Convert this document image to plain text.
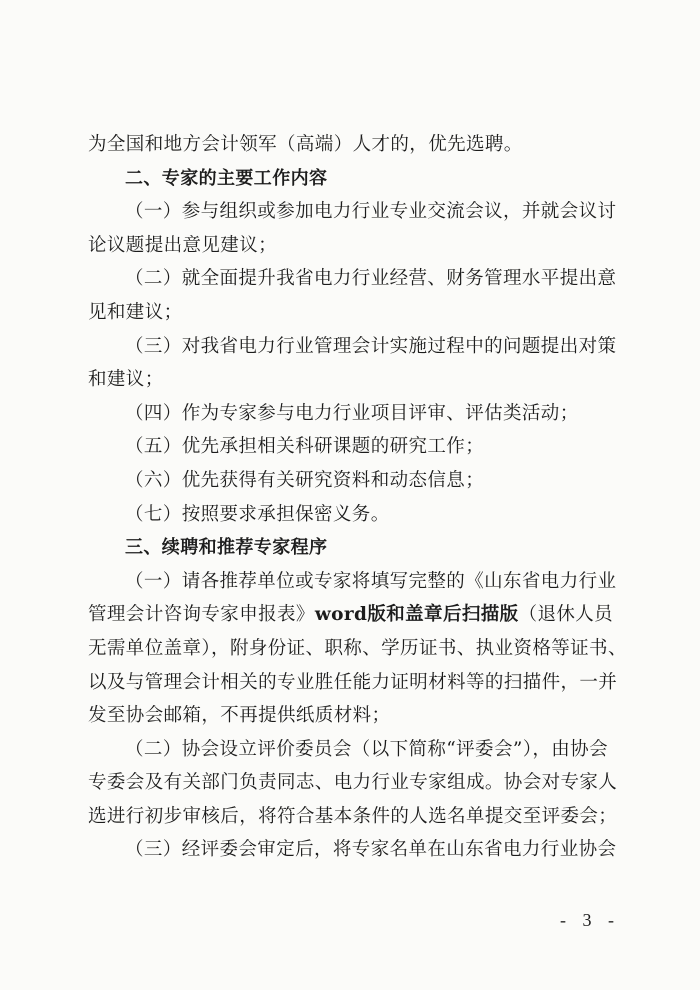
为全国和地方会计领军（高端）人才的，优先选聘。
二、专家的主要工作内容
（一）参与组织或参加电力行业专业交流会议，并就会议讨
论议题提出意见建议；
（二）就全面提升我省电力行业经营、财务管理水平提出意
见和建议；
（三）对我省电力行业管理会计实施过程中的问题提出对策
和建议；
（四）作为专家参与电力行业项目评审、评估类活动；
（五）优先承担相关科研课题的研究工作；
（六）优先获得有关研究资料和动态信息；
（七）按照要求承担保密义务。
三、续聘和推荐专家程序
（一）请各推荐单位或专家将填写完整的《山东省电力行业
管理会计咨询专家申报表》word版和盖章后扫描版（退休人员
无需单位盖章），附身份证、职称、学历证书、执业资格等证书、
以及与管理会计相关的专业胜任能力证明材料等的扫描件，一并
发至协会邮箱，不再提供纸质材料；
（二）协会设立评价委员会（以下简称“评委会”），由协会
专委会及有关部门负责同志、电力行业专家组成。协会对专家人
选进行初步审核后，将符合基本条件的人选名单提交至评委会；
（三）经评委会审定后，将专家名单在山东省电力行业协会
- 3 -
